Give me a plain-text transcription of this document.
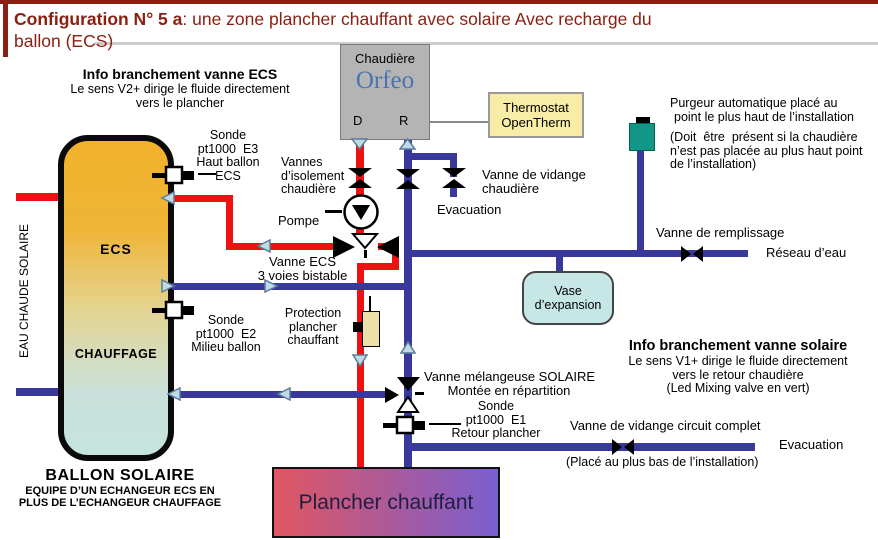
Configuration N° 5 a: une zone plancher chauffant avec solaire Avec recharge du
ballon (ECS)
Info branchement vanne ECS
Le sens V2+ dirige le fluide directement
vers le plancher
ECS
CHAUFFAGE
EAU CHAUDE SOLAIRE
Chaudière
Orfeo
D	R
Thermostat
OpenTherm
Vase
d’expansion
Plancher chauffant
Sonde
pt1000  E3
Haut ballon
ECS
Vannes
d’isolement
chaudière
Vanne de vidange
chaudière
Evacuation
Pompe
Vanne ECS
3 voies bistable
Purgeur automatique placé au
point le plus haut de l’installation
(Doit  être  présent si la chaudière
n’est pas placée au plus haut point
de l’installation)
Vanne de remplissage
Réseau d’eau
Sonde
pt1000  E2
Milieu ballon
Protection
plancher
chauffant	Info branchement vanne solaire
Le sens V1+ dirige le fluide directement
vers le retour chaudière
(Led Mixing valve en vert)
Vanne mélangeuse SOLAIRE
Montée en répartition
Sonde
pt1000  E1
Retour plancher	Vanne de vidange circuit complet
Evacuation
(Placé au plus bas de l’installation)
BALLON SOLAIRE
EQUIPE D’UN ECHANGEUR ECS EN
PLUS DE L’ECHANGEUR CHAUFFAGE
